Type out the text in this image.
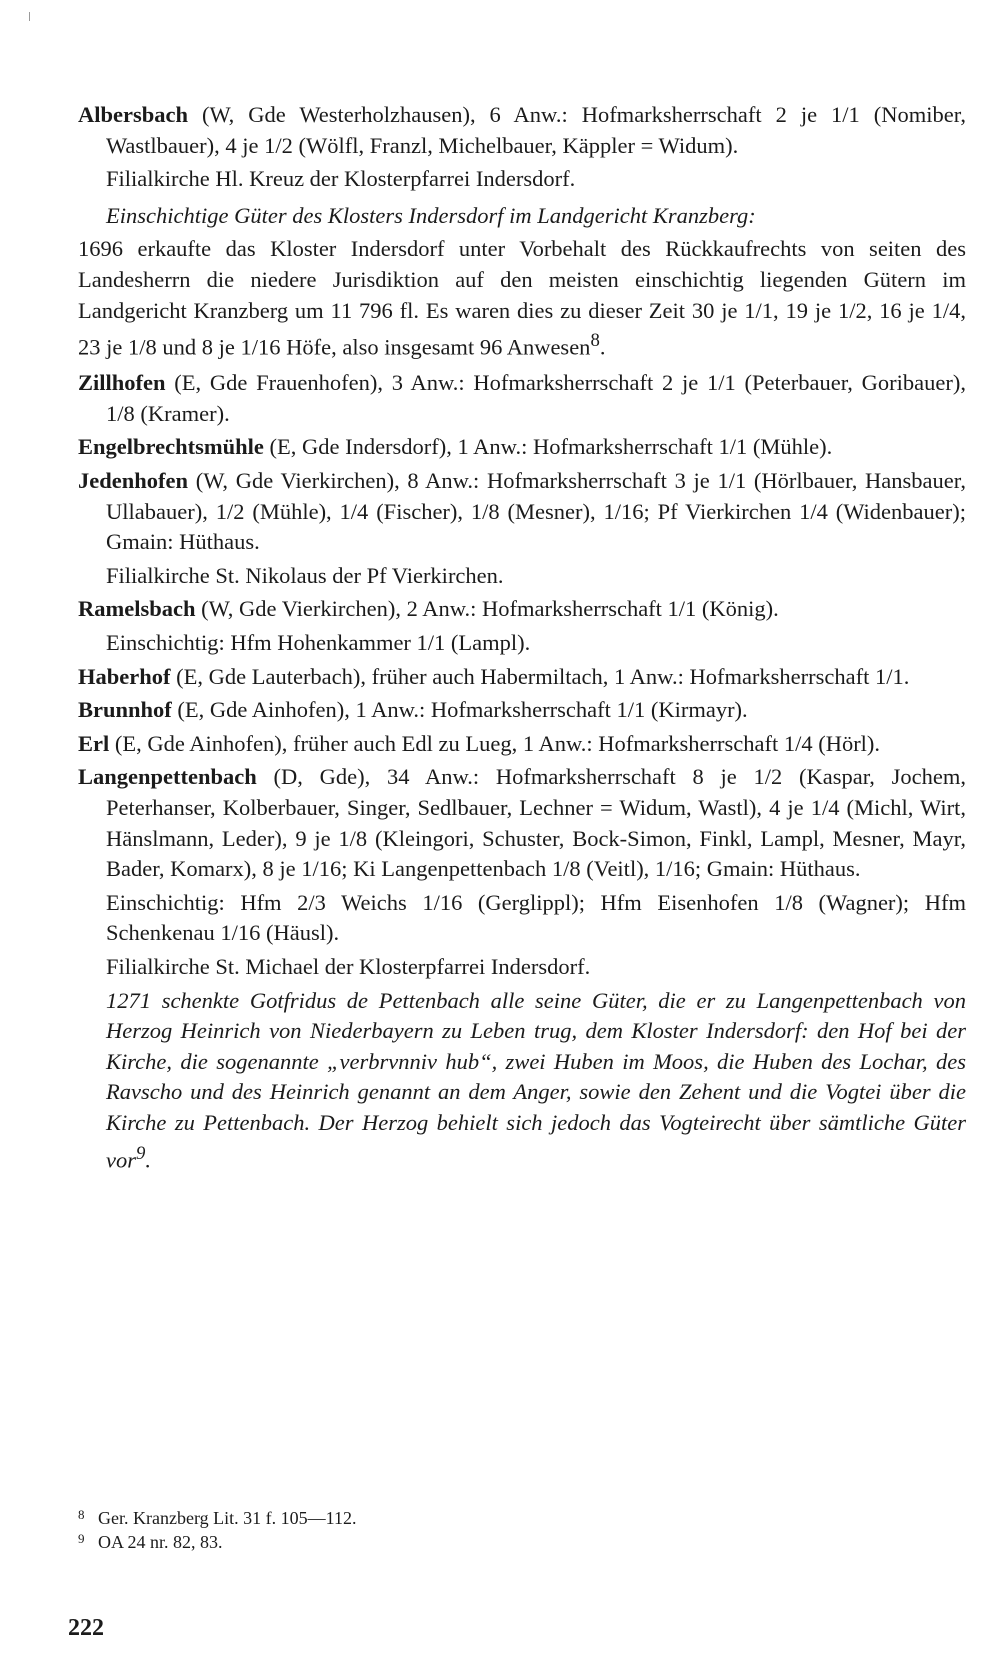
Albersbach (W, Gde Westerholzhausen), 6 Anw.: Hofmarksherrschaft 2 je 1/1 (Nomiber, Wastlbauer), 4 je 1/2 (Wölfl, Franzl, Michelbauer, Käppler = Widum).
Filialkirche Hl. Kreuz der Klosterpfarrei Indersdorf.
Einschichtige Güter des Klosters Indersdorf im Landgericht Kranzberg:
1696 erkaufte das Kloster Indersdorf unter Vorbehalt des Rückkaufrechts von seiten des Landesherrn die niedere Jurisdiktion auf den meisten einschichtig liegenden Gütern im Landgericht Kranzberg um 11 796 fl. Es waren dies zu dieser Zeit 30 je 1/1, 19 je 1/2, 16 je 1/4, 23 je 1/8 und 8 je 1/16 Höfe, also insgesamt 96 Anwesen$^8$.
Zillhofen (E, Gde Frauenhofen), 3 Anw.: Hofmarksherrschaft 2 je 1/1 (Peterbauer, Goribauer), 1/8 (Kramer).
Engelbrechtsmühle (E, Gde Indersdorf), 1 Anw.: Hofmarksherrschaft 1/1 (Mühle).
Jedenhofen (W, Gde Vierkirchen), 8 Anw.: Hofmarksherrschaft 3 je 1/1 (Hörlbauer, Hansbauer, Ullabauer), 1/2 (Mühle), 1/4 (Fischer), 1/8 (Mesner), 1/16; Pf Vierkirchen 1/4 (Widenbauer); Gmain: Hüthaus.
Filialkirche St. Nikolaus der Pf Vierkirchen.
Ramelsbach (W, Gde Vierkirchen), 2 Anw.: Hofmarksherrschaft 1/1 (König).
Einschichtig: Hfm Hohenkammer 1/1 (Lampl).
Haberhof (E, Gde Lauterbach), früher auch Habermiltach, 1 Anw.: Hofmarksherrschaft 1/1.
Brunnhof (E, Gde Ainhofen), 1 Anw.: Hofmarksherrschaft 1/1 (Kirmayr).
Erl (E, Gde Ainhofen), früher auch Edl zu Lueg, 1 Anw.: Hofmarksherrschaft 1/4 (Hörl).
Langenpettenbach (D, Gde), 34 Anw.: Hofmarksherrschaft 8 je 1/2 (Kaspar, Jochem, Peterhanser, Kolberbauer, Singer, Sedlbauer, Lechner = Widum, Wastl), 4 je 1/4 (Michl, Wirt, Hänslmann, Leder), 9 je 1/8 (Kleingori, Schuster, Bock-Simon, Finkl, Lampl, Mesner, Mayr, Bader, Komarx), 8 je 1/16; Ki Langenpettenbach 1/8 (Veitl), 1/16; Gmain: Hüthaus.
Einschichtig: Hfm 2/3 Weichs 1/16 (Gerglippl); Hfm Eisenhofen 1/8 (Wagner); Hfm Schenkenau 1/16 (Häusl).
Filialkirche St. Michael der Klosterpfarrei Indersdorf.
1271 schenkte Gotfridus de Pettenbach alle seine Güter, die er zu Langenpettenbach von Herzog Heinrich von Niederbayern zu Leben trug, dem Kloster Indersdorf: den Hof bei der Kirche, die sogenannte „verbrvnniv hub“, zwei Huben im Moos, die Huben des Lochar, des Ravscho und des Heinrich genannt an dem Anger, sowie den Zehent und die Vogtei über die Kirche zu Pettenbach. Der Herzog behielt sich jedoch das Vogteirecht über sämtliche Güter vor$^9$.
8 Ger. Kranzberg Lit. 31 f. 105—112.
9 OA 24 nr. 82, 83.
222
